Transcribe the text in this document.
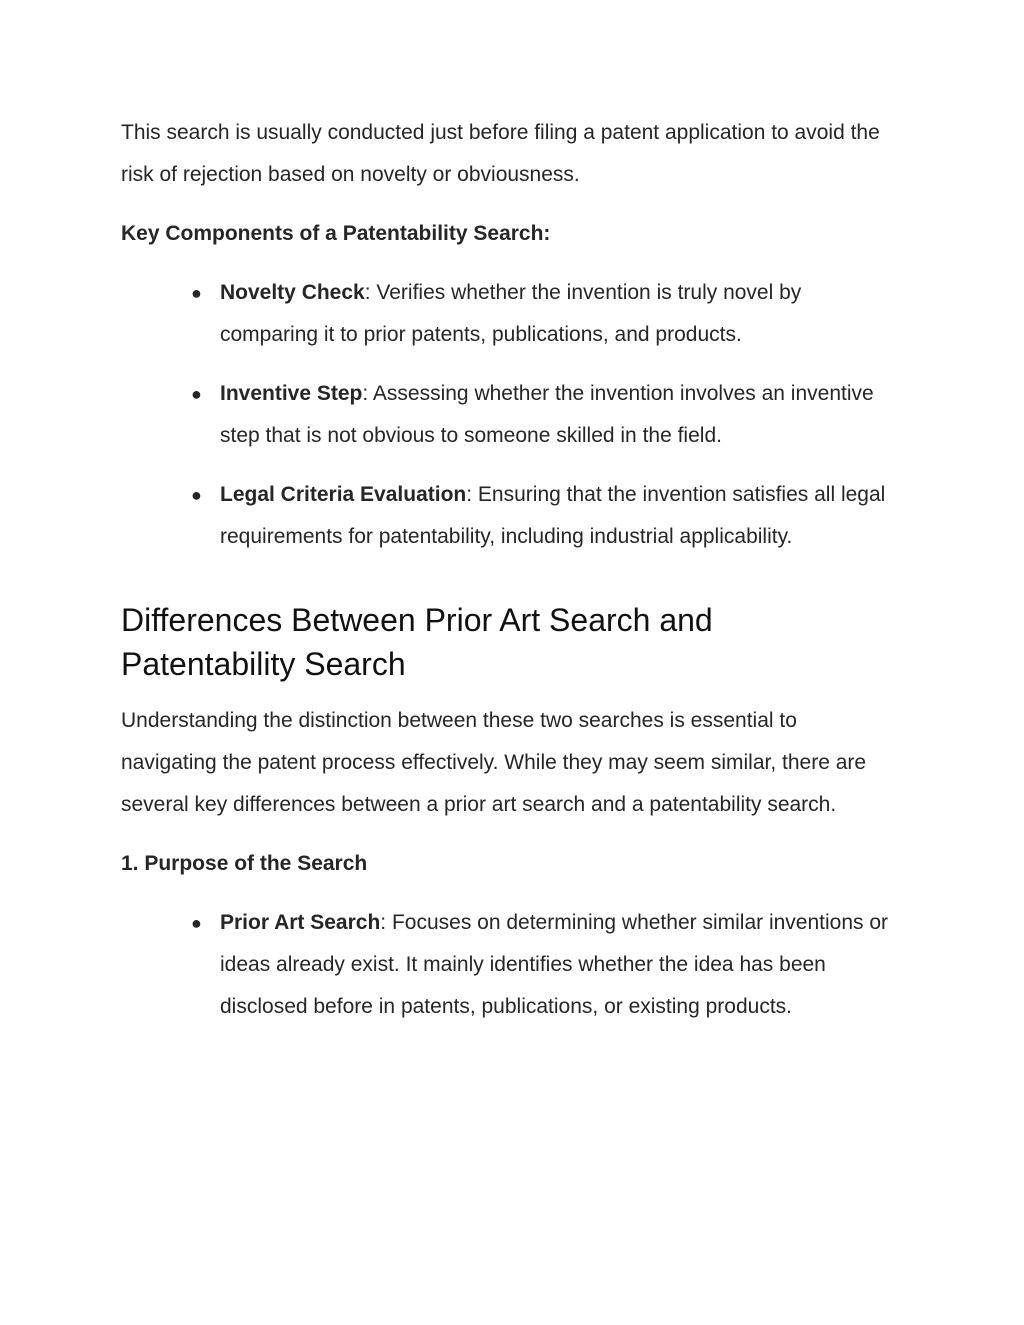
This search is usually conducted just before filing a patent application to avoid the risk of rejection based on novelty or obviousness.

Key Components of a Patentability Search:
● Novelty Check: Verifies whether the invention is truly novel by comparing it to prior patents, publications, and products.
● Inventive Step: Assessing whether the invention involves an inventive step that is not obvious to someone skilled in the field.
● Legal Criteria Evaluation: Ensuring that the invention satisfies all legal requirements for patentability, including industrial applicability.
Differences Between Prior Art Search and Patentability Search

Understanding the distinction between these two searches is essential to navigating the patent process effectively. While they may seem similar, there are several key differences between a prior art search and a patentability search.

1. Purpose of the Search
● Prior Art Search: Focuses on determining whether similar inventions or ideas already exist. It mainly identifies whether the idea has been disclosed before in patents, publications, or existing products.
